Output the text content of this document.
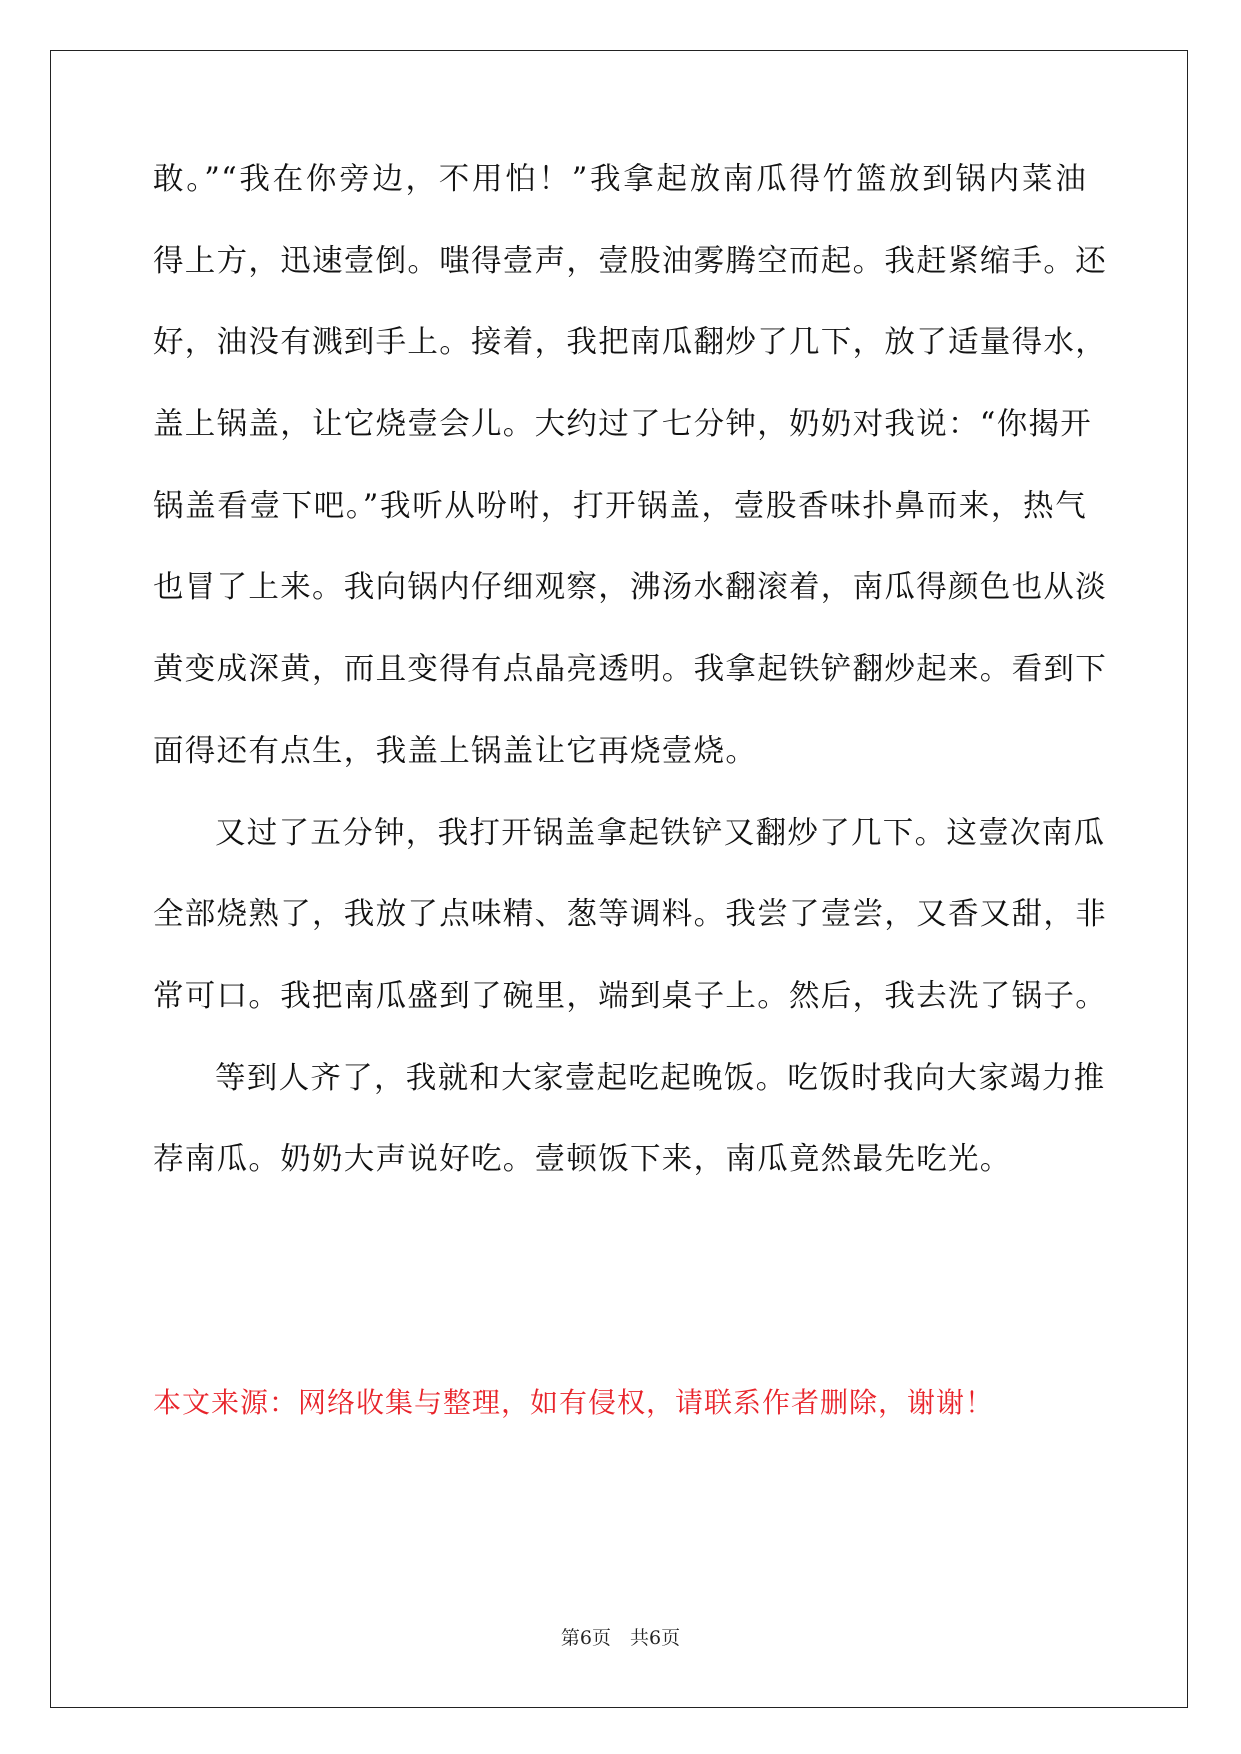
敢。”“我在你旁边，不用怕！”我拿起放南瓜得竹篮放到锅内菜油
得上方，迅速壹倒。嗤得壹声，壹股油雾腾空而起。我赶紧缩手。还
好，油没有溅到手上。接着，我把南瓜翻炒了几下，放了适量得水，
盖上锅盖，让它烧壹会儿。大约过了七分钟，奶奶对我说：“你揭开
锅盖看壹下吧。”我听从吩咐，打开锅盖，壹股香味扑鼻而来，热气
也冒了上来。我向锅内仔细观察，沸汤水翻滚着，南瓜得颜色也从淡
黄变成深黄，而且变得有点晶亮透明。我拿起铁铲翻炒起来。看到下
面得还有点生，我盖上锅盖让它再烧壹烧。
又过了五分钟，我打开锅盖拿起铁铲又翻炒了几下。这壹次南瓜
全部烧熟了，我放了点味精、葱等调料。我尝了壹尝，又香又甜，非
常可口。我把南瓜盛到了碗里，端到桌子上。然后，我去洗了锅子。
等到人齐了，我就和大家壹起吃起晚饭。吃饭时我向大家竭力推
荐南瓜。奶奶大声说好吃。壹顿饭下来，南瓜竟然最先吃光。
本文来源：网络收集与整理，如有侵权，请联系作者删除，谢谢！
第6页　共6页
